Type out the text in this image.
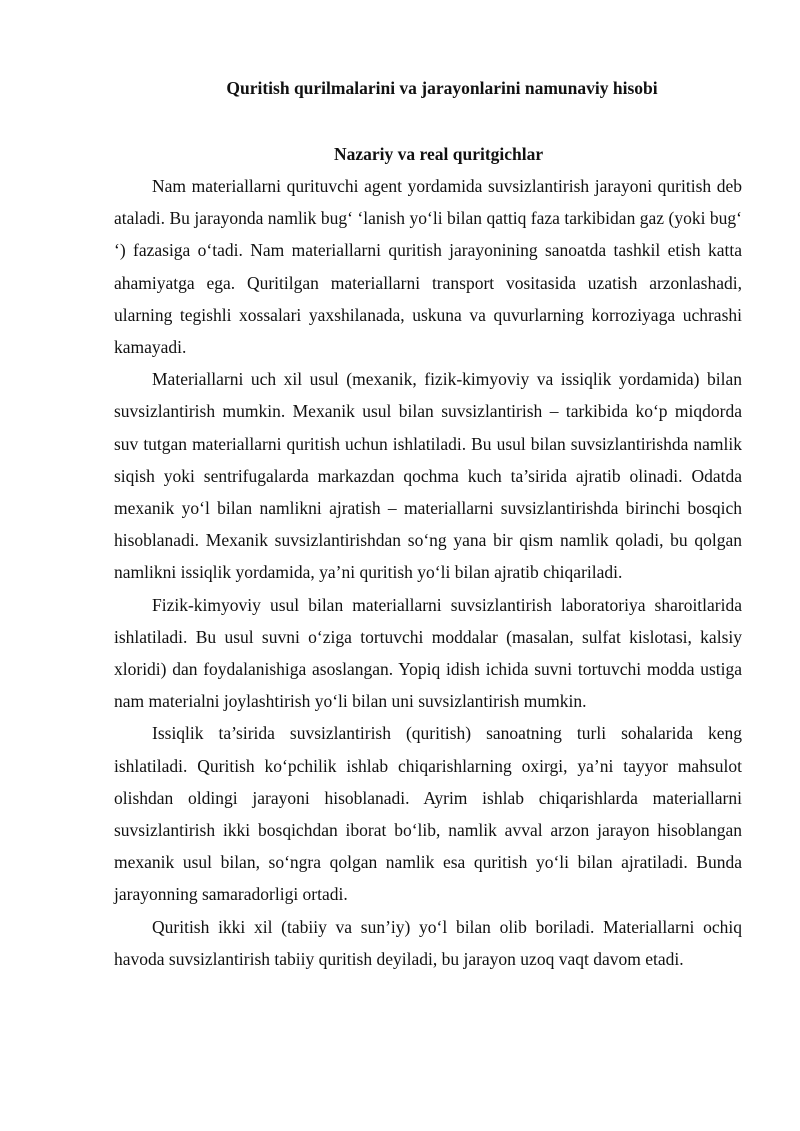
Quritish qurilmalarini va jarayonlarini namunaviy hisobi

Nazariy va real quritgichlar

Nam materiallarni qurituvchi agent yordamida suvsizlantirish jarayoni quritish deb ataladi. Bu jarayonda namlik bug‘ ‘lanish yo‘li bilan qattiq faza tarkibidan gaz (yoki bug‘ ‘) fazasiga o‘tadi. Nam materiallarni quritish jarayonining sanoatda tashkil etish katta ahamiyatga ega. Quritilgan materiallarni transport vositasida uzatish arzonlashadi, ularning tegishli xossalari yaxshilanada, uskuna va quvurlarning korroziyaga uchrashi kamayadi.

Materiallarni uch xil usul (mexanik, fizik-kimyoviy va issiqlik yordamida) bilan suvsizlantirish mumkin. Mexanik usul bilan suvsizlantirish – tarkibida ko‘p miqdorda suv tutgan materiallarni quritish uchun ishlatiladi. Bu usul bilan suvsizlantirishda namlik siqish yoki sentrifugalarda markazdan qochma kuch ta’sirida ajratib olinadi. Odatda mexanik yo‘l bilan namlikni ajratish – materiallarni suvsizlantirishda birinchi bosqich hisoblanadi. Mexanik suvsizlantirishdan so‘ng yana bir qism namlik qoladi, bu qolgan namlikni issiqlik yordamida, ya’ni quritish yo‘li bilan ajratib chiqariladi.

Fizik-kimyoviy usul bilan materiallarni suvsizlantirish laboratoriya sharoitlarida ishlatiladi. Bu usul suvni o‘ziga tortuvchi moddalar (masalan, sulfat kislotasi, kalsiy xloridi) dan foydalanishiga asoslangan. Yopiq idish ichida suvni tortuvchi modda ustiga nam materialni joylashtirish yo‘li bilan uni suvsizlantirish mumkin.

Issiqlik ta’sirida suvsizlantirish (quritish) sanoatning turli sohalarida keng ishlatiladi. Quritish ko‘pchilik ishlab chiqarishlarning oxirgi, ya’ni tayyor mahsulot olishdan oldingi jarayoni hisoblanadi. Ayrim ishlab chiqarishlarda materiallarni suvsizlantirish ikki bosqichdan iborat bo‘lib, namlik avval arzon jarayon hisoblangan mexanik usul bilan, so‘ngra qolgan namlik esa quritish yo‘li bilan ajratiladi. Bunda jarayonning samaradorligi ortadi.

Quritish ikki xil (tabiiy va sun’iy) yo‘l bilan olib boriladi. Materiallarni ochiq havoda suvsizlantirish tabiiy quritish deyiladi, bu jarayon uzoq vaqt davom etadi.
